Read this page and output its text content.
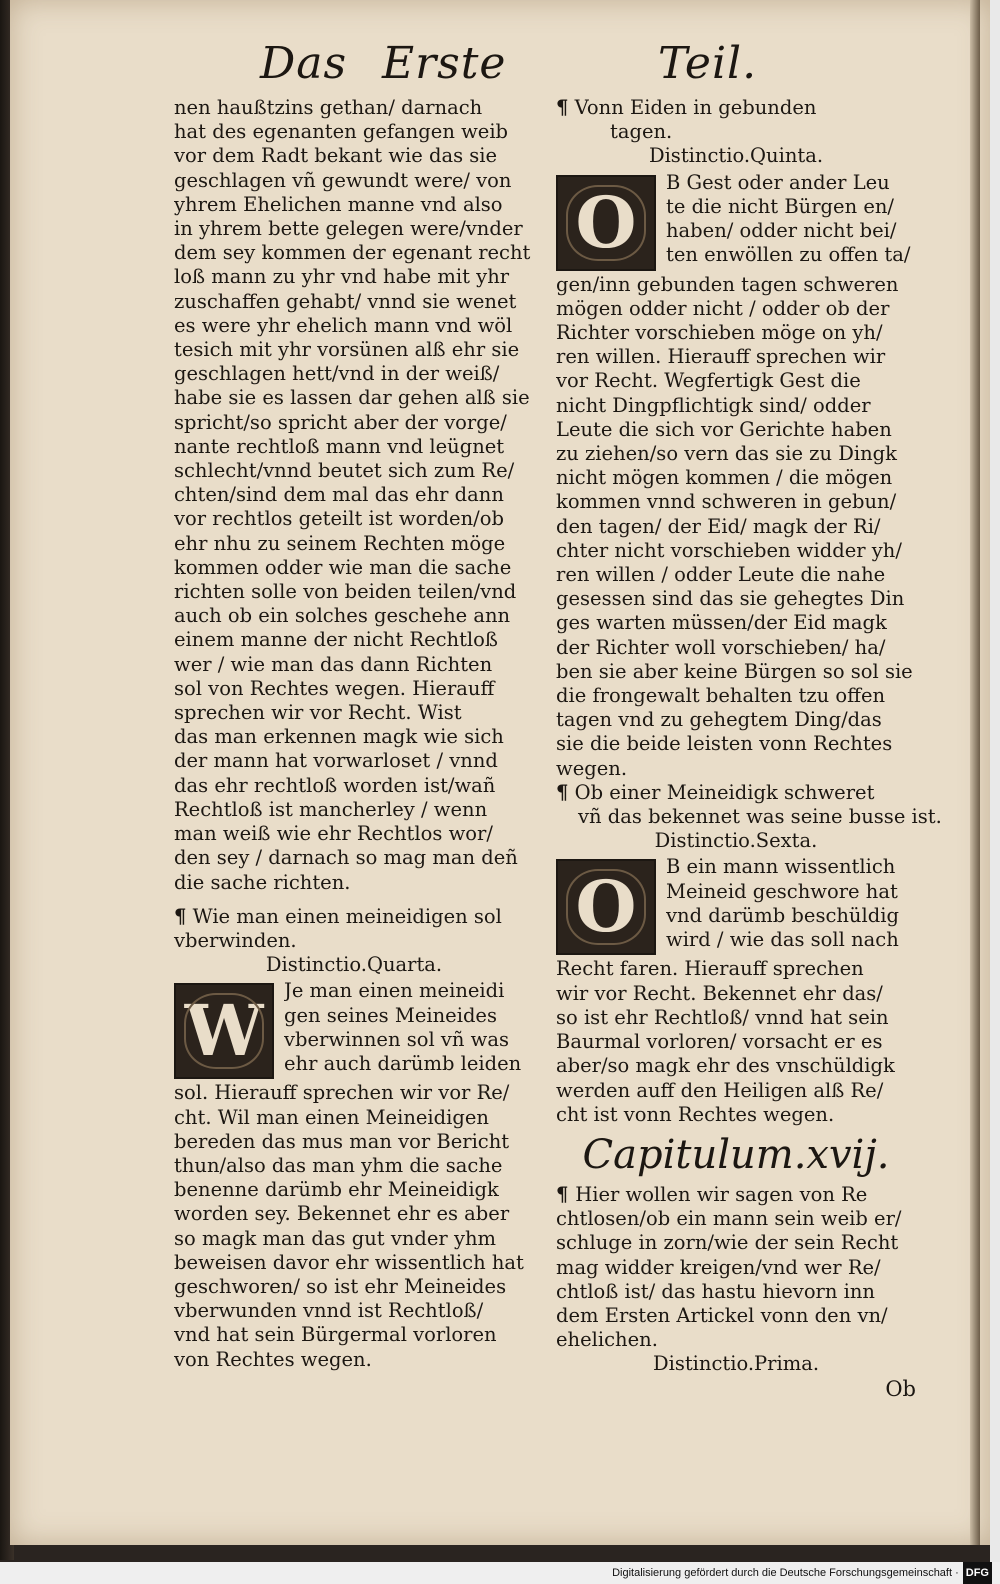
Das Erste	Teil.
nen haußtzins gethan/ darnach
hat des egenanten gefangen weib
vor dem Radt bekant wie das sie
geschlagen vñ gewundt were/ von
yhrem Ehelichen manne vnd also
in yhrem bette gelegen were/vnder
dem sey kommen der egenant recht
loß mann zu yhr vnd habe mit yhr
zuschaffen gehabt/ vnnd sie wenet
es were yhr ehelich mann vnd wöl
tesich mit yhr vorsünen alß ehr sie
geschlagen hett/vnd in der weiß/
habe sie es lassen dar gehen alß sie
spricht/so spricht aber der vorge/
nante rechtloß mann vnd leügnet
schlecht/vnnd beutet sich zum Re/
chten/sind dem mal das ehr dann
vor rechtlos geteilt ist worden/ob
ehr nhu zu seinem Rechten möge
kommen odder wie man die sache
richten solle von beiden teilen/vnd
auch ob ein solches geschehe ann
einem manne der nicht Rechtloß
wer / wie man das dann Richten
sol von Rechtes wegen. Hierauff
sprechen wir vor Recht. Wist
das man erkennen magk wie sich
der mann hat vorwarloset / vnnd
das ehr rechtloß worden ist/wañ
Rechtloß ist mancherley / wenn
man weiß wie ehr Rechtlos wor/
den sey / darnach so mag man deñ
die sache richten.
¶ Wie man einen meineidigen sol
vberwinden.
Distinctio.Quarta.
W	Je man einen meineidi
gen seines Meineides
vberwinnen sol vñ was
ehr auch darümb leiden
sol. Hierauff sprechen wir vor Re/
cht. Wil man einen Meineidigen
bereden das mus man vor Bericht
thun/also das man yhm die sache
benenne darümb ehr Meineidigk
worden sey. Bekennet ehr es aber
so magk man das gut vnder yhm
beweisen davor ehr wissentlich hat
geschworen/ so ist ehr Meineides
vberwunden vnnd ist Rechtloß/
vnd hat sein Bürgermal vorloren
von Rechtes wegen.
¶ Vonn Eiden in gebunden
tagen.
Distinctio.Quinta.
O	B Gest oder ander Leu
te die nicht Bürgen en/
haben/ odder nicht bei/
ten enwöllen zu offen ta/
gen/inn gebunden tagen schweren
mögen odder nicht / odder ob der
Richter vorschieben möge on yh/
ren willen. Hierauff sprechen wir
vor Recht. Wegfertigk Gest die
nicht Dingpflichtigk sind/ odder
Leute die sich vor Gerichte haben
zu ziehen/so vern das sie zu Dingk
nicht mögen kommen / die mögen
kommen vnnd schweren in gebun/
den tagen/ der Eid/ magk der Ri/
chter nicht vorschieben widder yh/
ren willen / odder Leute die nahe
gesessen sind das sie gehegtes Din
ges warten müssen/der Eid magk
der Richter woll vorschieben/ ha/
ben sie aber keine Bürgen so sol sie
die frongewalt behalten tzu offen
tagen vnd zu gehegtem Ding/das
sie die beide leisten vonn Rechtes
wegen.
¶ Ob einer Meineidigk schweret
vñ das bekennet was seine busse ist.
Distinctio.Sexta.
O	B ein mann wissentlich
Meineid geschwore hat
vnd darümb beschüldig
wird / wie das soll nach
Recht faren. Hierauff sprechen
wir vor Recht. Bekennet ehr das/
so ist ehr Rechtloß/ vnnd hat sein
Baurmal vorloren/ vorsacht er es
aber/so magk ehr des vnschüldigk
werden auff den Heiligen alß Re/
cht ist vonn Rechtes wegen.
Capitulum.xvij.
¶ Hier wollen wir sagen von Re
chtlosen/ob ein mann sein weib er/
schluge in zorn/wie der sein Recht
mag widder kreigen/vnd wer Re/
chtloß ist/ das hastu hievorn inn
dem Ersten Artickel vonn den vn/
ehelichen.
Distinctio.Prima.
Ob
Digitalisierung gefördert durch die Deutsche Forschungsgemeinschaft · DFG
